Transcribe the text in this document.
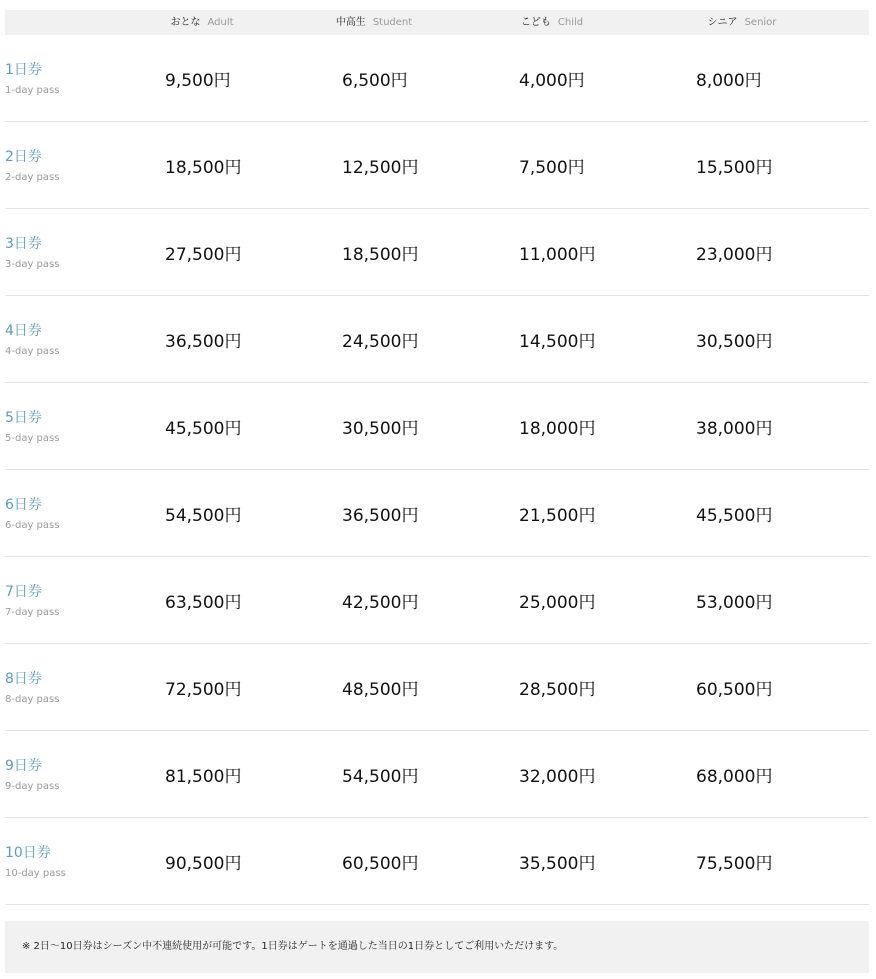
おとな Adult	中高生 Student	こども Child	シニア Senior
1日券
1-day pass	9,500円	6,500円	4,000円	8,000円
2日券
2-day pass	18,500円	12,500円	7,500円	15,500円
3日券
3-day pass	27,500円	18,500円	11,000円	23,000円
4日券
4-day pass	36,500円	24,500円	14,500円	30,500円
5日券
5-day pass	45,500円	30,500円	18,000円	38,000円
6日券
6-day pass	54,500円	36,500円	21,500円	45,500円
7日券
7-day pass	63,500円	42,500円	25,000円	53,000円
8日券
8-day pass	72,500円	48,500円	28,500円	60,500円
9日券
9-day pass	81,500円	54,500円	32,000円	68,000円
10日券
10-day pass	90,500円	60,500円	35,500円	75,500円
※ 2日〜10日券はシーズン中不連続使用が可能です。1日券はゲートを通過した当日の1日券としてご利用いただけます。
